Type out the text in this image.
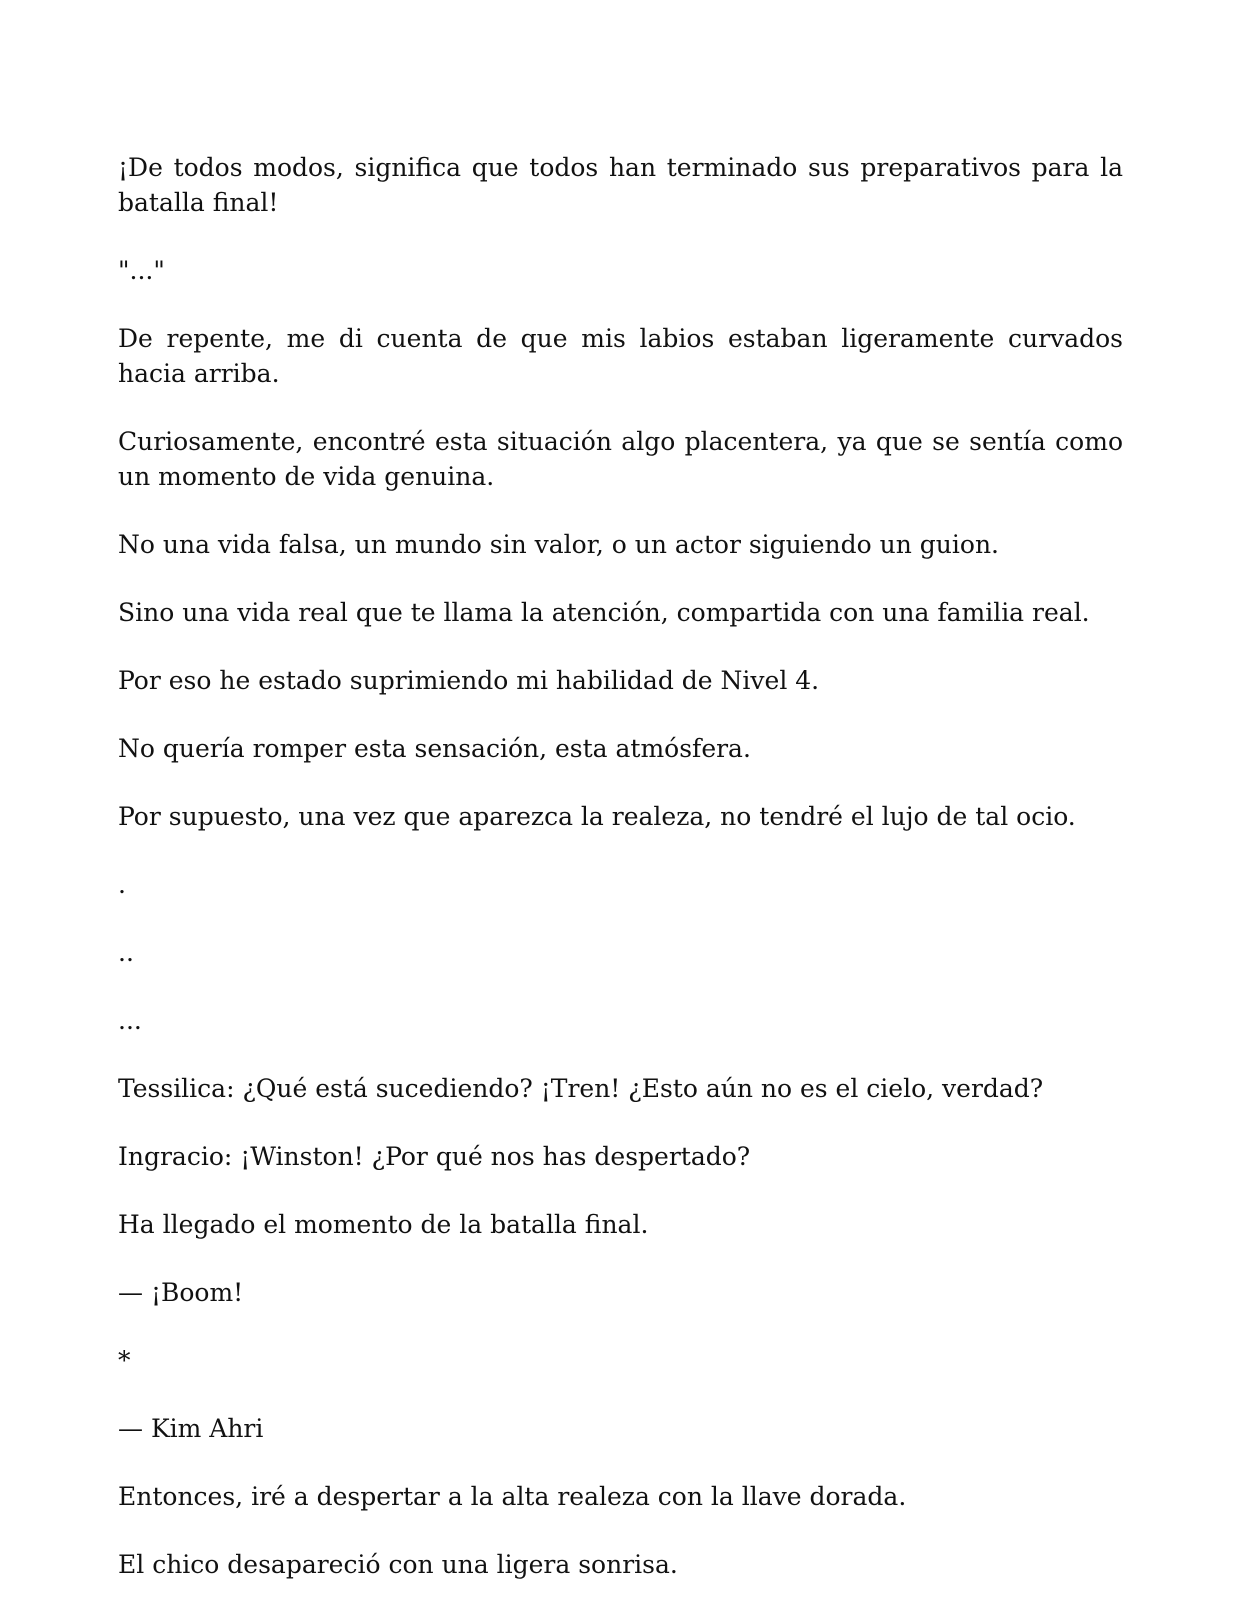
¡De todos modos, significa que todos han terminado sus preparativos para la batalla final!

"..."

De repente, me di cuenta de que mis labios estaban ligeramente curvados hacia arriba.

Curiosamente, encontré esta situación algo placentera, ya que se sentía como un momento de vida genuina.

No una vida falsa, un mundo sin valor, o un actor siguiendo un guion.

Sino una vida real que te llama la atención, compartida con una familia real.

Por eso he estado suprimiendo mi habilidad de Nivel 4.

No quería romper esta sensación, esta atmósfera.

Por supuesto, una vez que aparezca la realeza, no tendré el lujo de tal ocio.

.

..

...

Tessilica: ¿Qué está sucediendo? ¡Tren! ¿Esto aún no es el cielo, verdad?

Ingracio: ¡Winston! ¿Por qué nos has despertado?

Ha llegado el momento de la batalla final.

— ¡Boom!

*

— Kim Ahri

Entonces, iré a despertar a la alta realeza con la llave dorada.

El chico desapareció con una ligera sonrisa.
